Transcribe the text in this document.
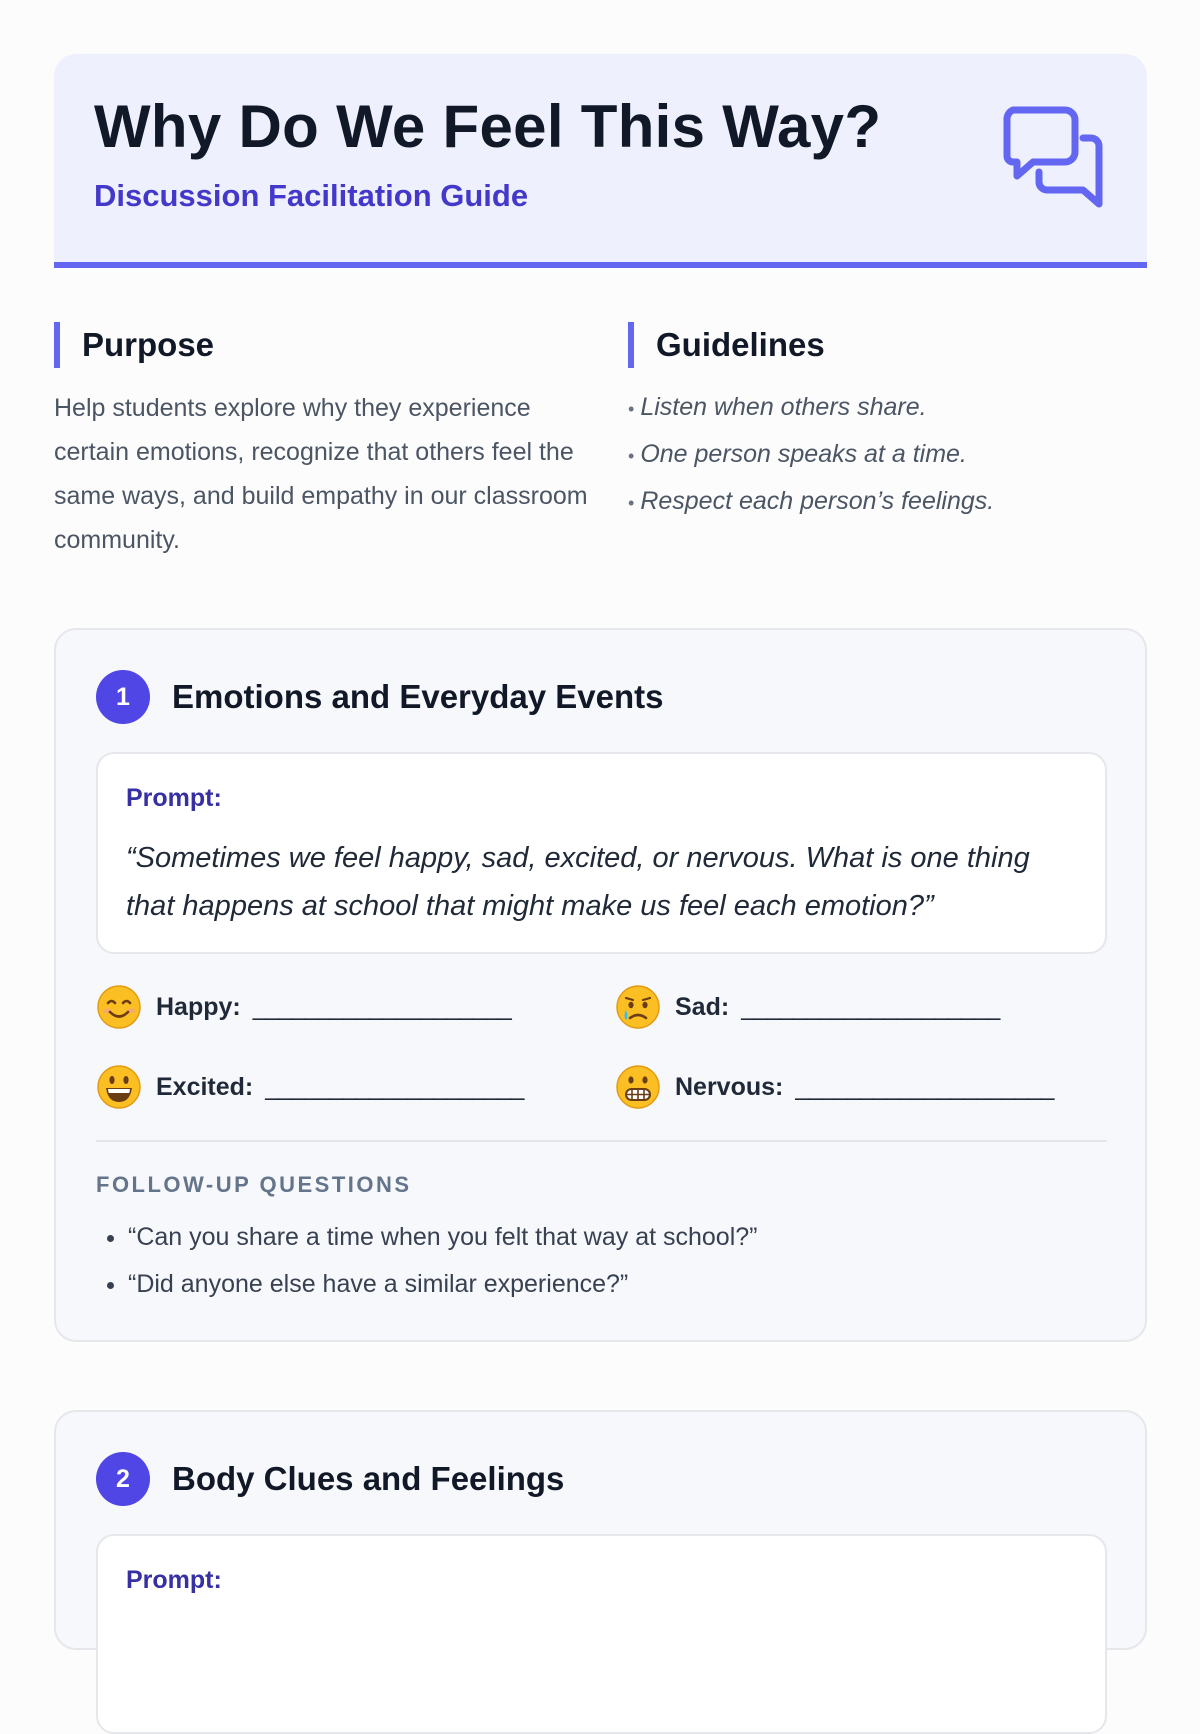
Why Do We Feel This Way?
Discussion Facilitation Guide
Purpose

Help students explore why they experience certain emotions, recognize that others feel the same ways, and build empathy in our classroom community.

Guidelines
• Listen when others share.
• One person speaks at a time.
• Respect each person’s feelings.
1	Emotions and Everyday Events
Prompt:

“Sometimes we feel happy, sad, excited, or nervous. What is one thing that happens at school that might make us feel each emotion?”

Happy: ____________________	Sad: ____________________
Excited: ____________________	Nervous: ____________________
FOLLOW-UP QUESTIONS
• “Can you share a time when you felt that way at school?”
• “Did anyone else have a similar experience?”
2	Body Clues and Feelings
Prompt:
